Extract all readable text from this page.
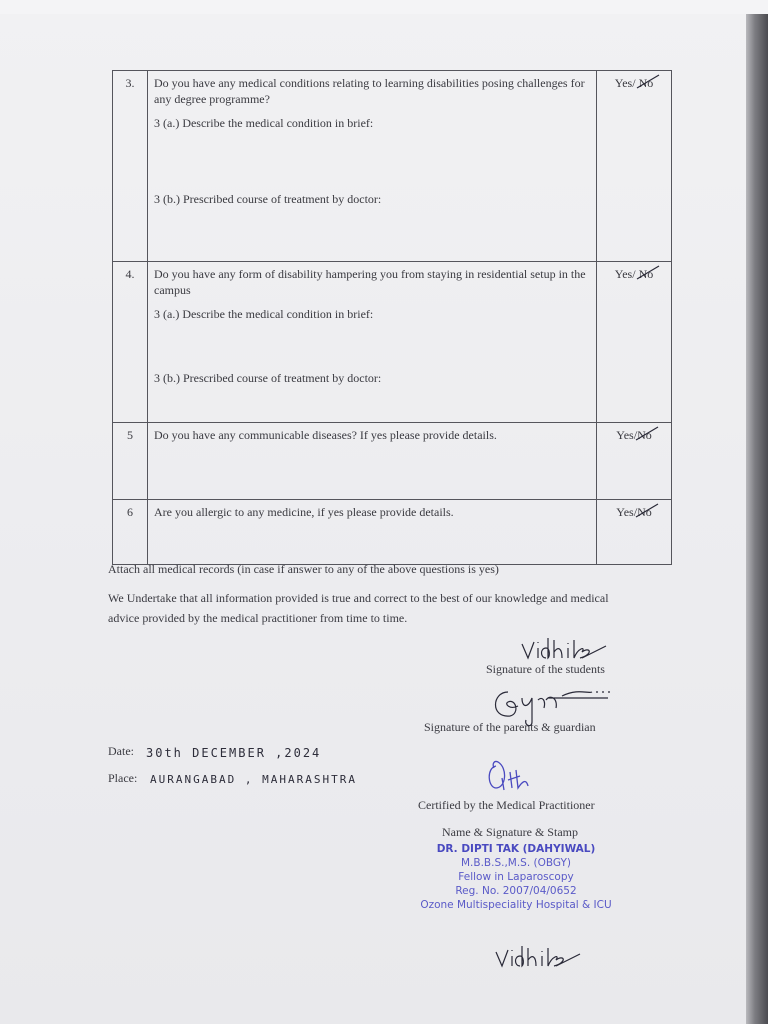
3.	Do you have any medical conditions relating to learning disabilities posing challenges for any degree programme?
3 (a.) Describe the medical condition in brief:
3 (b.) Prescribed course of treatment by doctor:	Yes/ No

4.	Do you have any form of disability hampering you from staying in residential setup in the campus
3 (a.) Describe the medical condition in brief:
3 (b.) Prescribed course of treatment by doctor:	Yes/ No

5	Do you have any communicable diseases? If yes please provide details.	Yes/No

6	Are you allergic to any medicine, if yes please provide details.	Yes/No
Attach all medical records (in case if answer to any of the above questions is yes)
We Undertake that all information provided is true and correct to the best of our knowledge and medical advice provided by the medical practitioner from time to time.
Signature of the students
Signature of the parents & guardian
Date: 30th DECEMBER ,2024
Place: AURANGABAD , MAHARASHTRA
Certified by the Medical Practitioner
Name & Signature & Stamp
DR. DIPTI TAK (DAHYIWAL)
M.B.B.S.,M.S. (OBGY)
Fellow in Laparoscopy
Reg. No. 2007/04/0652
Ozone Multispeciality Hospital & ICU
